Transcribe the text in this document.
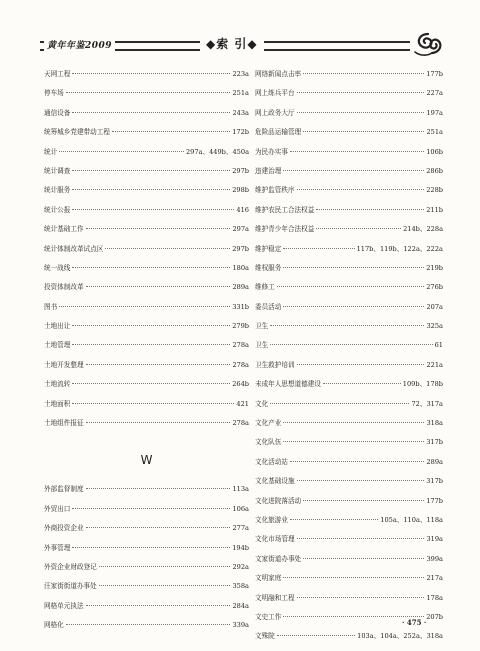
黄年年鉴2009	◆索 引◆
天网工程	223a
停车场	251a
通信设备	243a
统筹城乡党建带动工程	172b
统计	297a、449b、450a
统计调查	297b
统计服务	298b
统计公报	416
统计基础工作	297a
统计体制改革试点区	297b
统一战线	180a
投资体制改革	289a
图书	331b
土地出让	279b
土地管理	278a
土地开发整理	278a
土地流转	264b
土地面积	421
土地组件报征	278a
W
外部监督制度	113a
外贸出口	106a
外商投资企业	277a
外事管理	194b
外资企业财政登记	292a
汪家街街道办事处	358a
网格单元执法	284a
网格化	339a
网络新闻点击率	177b
网上练兵平台	227a
网上政务大厅	197a
危险品运输管理	251a
为民办实事	106b
违建治理	286b
维护监管秩序	228b
维护农民工合法权益	211b
维护青少年合法权益	214b、228a
维护稳定	117b、119b、122a、222a
维权服务	219b
维修工	276b
委员活动	207a
卫生	325a
卫生	61
卫生救护培训	221a
未成年人思想道德建设	109b、178b
文化	72、317a
文化产业	318a
文化队伍	317b
文化活动站	289a
文化基础设施	317b
文化进院落活动	177b
文化旅游业	105a、110a、118a
文化市场管理	319a
文家街道办事处	399a
文明家庭	217a
文明融和工程	178a
文史工作	207b
文殊院	103a、104a、252a、318a
· 475 ·
